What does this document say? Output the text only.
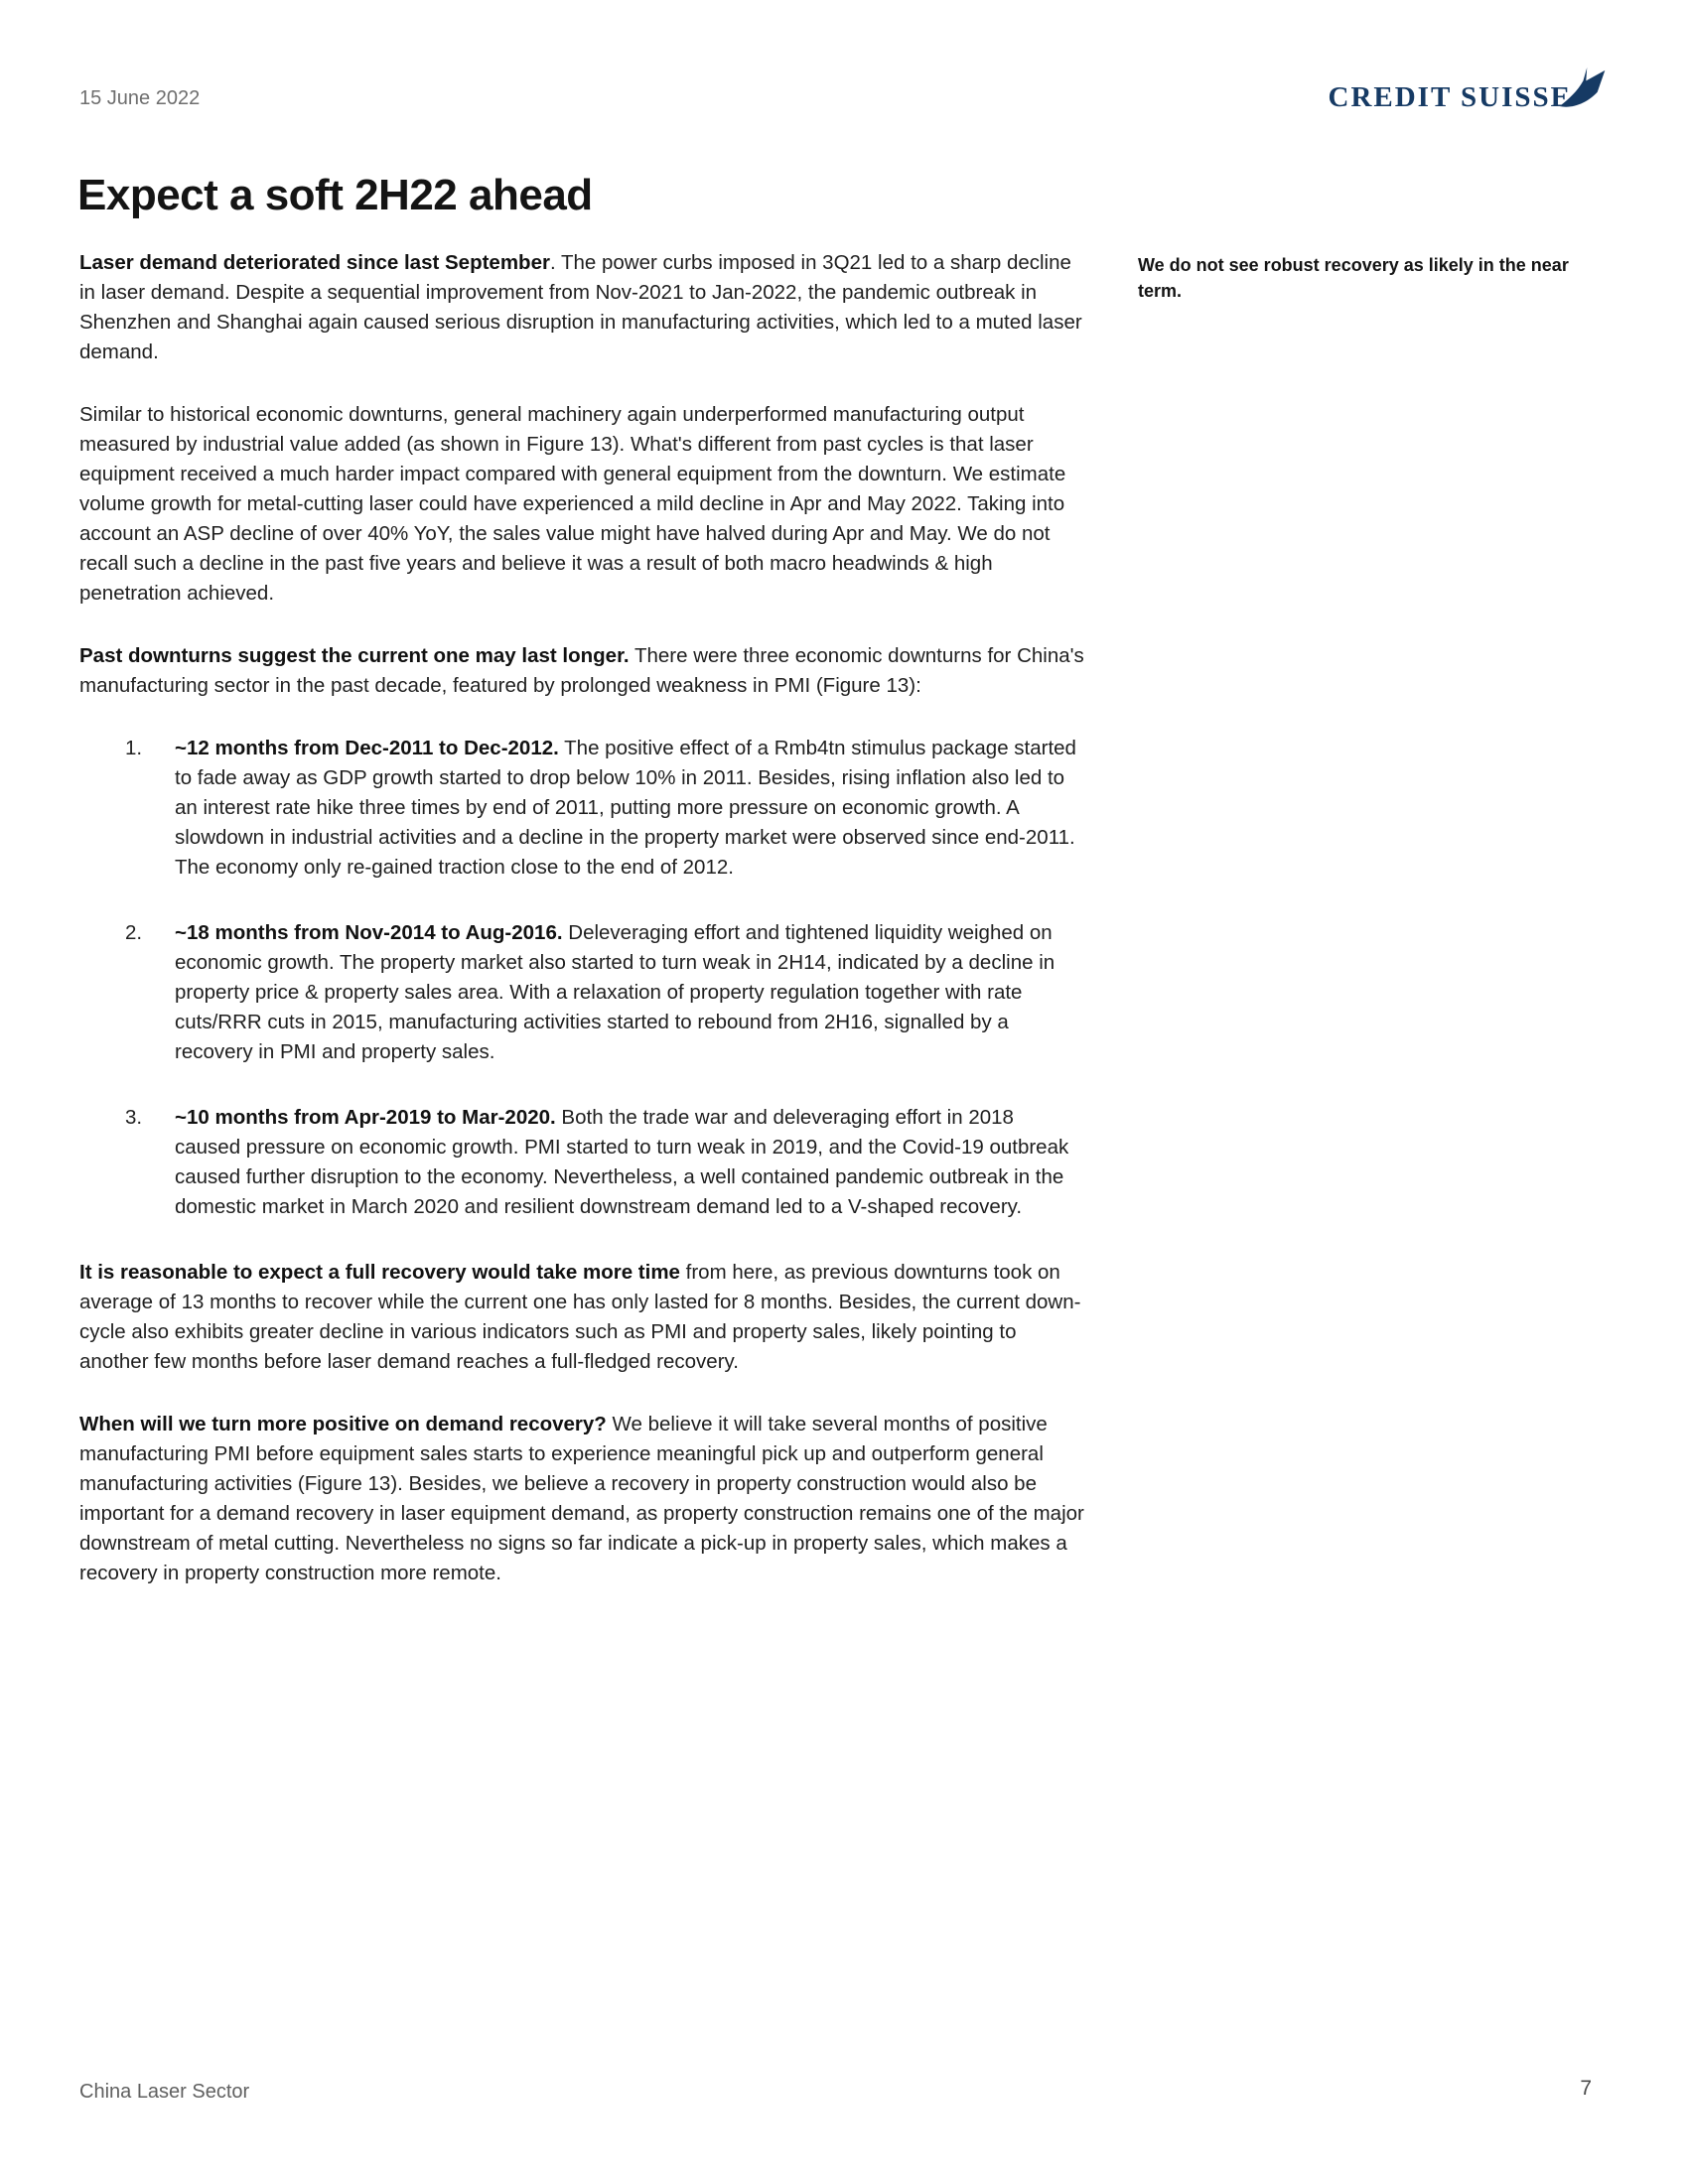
15 June 2022	CREDIT SUISSE
Expect a soft 2H22 ahead

Laser demand deteriorated since last September. The power curbs imposed in 3Q21 led to a sharp decline in laser demand. Despite a sequential improvement from Nov-2021 to Jan-2022, the pandemic outbreak in Shenzhen and Shanghai again caused serious disruption in manufacturing activities, which led to a muted laser demand.

Similar to historical economic downturns, general machinery again underperformed manufacturing output measured by industrial value added (as shown in Figure 13). What's different from past cycles is that laser equipment received a much harder impact compared with general equipment from the downturn. We estimate volume growth for metal-cutting laser could have experienced a mild decline in Apr and May 2022. Taking into account an ASP decline of over 40% YoY, the sales value might have halved during Apr and May. We do not recall such a decline in the past five years and believe it was a result of both macro headwinds & high penetration achieved.

Past downturns suggest the current one may last longer. There were three economic downturns for China's manufacturing sector in the past decade, featured by prolonged weakness in PMI (Figure 13):

1.	~12 months from Dec-2011 to Dec-2012. The positive effect of a Rmb4tn stimulus package started to fade away as GDP growth started to drop below 10% in 2011. Besides, rising inflation also led to an interest rate hike three times by end of 2011, putting more pressure on economic growth. A slowdown in industrial activities and a decline in the property market were observed since end-2011. The economy only re-gained traction close to the end of 2012.

2.	~18 months from Nov-2014 to Aug-2016. Deleveraging effort and tightened liquidity weighed on economic growth. The property market also started to turn weak in 2H14, indicated by a decline in property price & property sales area. With a relaxation of property regulation together with rate cuts/RRR cuts in 2015, manufacturing activities started to rebound from 2H16, signalled by a recovery in PMI and property sales.

3.	~10 months from Apr-2019 to Mar-2020. Both the trade war and deleveraging effort in 2018 caused pressure on economic growth. PMI started to turn weak in 2019, and the Covid-19 outbreak caused further disruption to the economy. Nevertheless, a well contained pandemic outbreak in the domestic market in March 2020 and resilient downstream demand led to a V-shaped recovery.

It is reasonable to expect a full recovery would take more time from here, as previous downturns took on average of 13 months to recover while the current one has only lasted for 8 months. Besides, the current down-cycle also exhibits greater decline in various indicators such as PMI and property sales, likely pointing to another few months before laser demand reaches a full-fledged recovery.

When will we turn more positive on demand recovery? We believe it will take several months of positive manufacturing PMI before equipment sales starts to experience meaningful pick up and outperform general manufacturing activities (Figure 13). Besides, we believe a recovery in property construction would also be important for a demand recovery in laser equipment demand, as property construction remains one of the major downstream of metal cutting. Nevertheless no signs so far indicate a pick-up in property sales, which makes a recovery in property construction more remote.

We do not see robust recovery as likely in the near term.
China Laser Sector	7
